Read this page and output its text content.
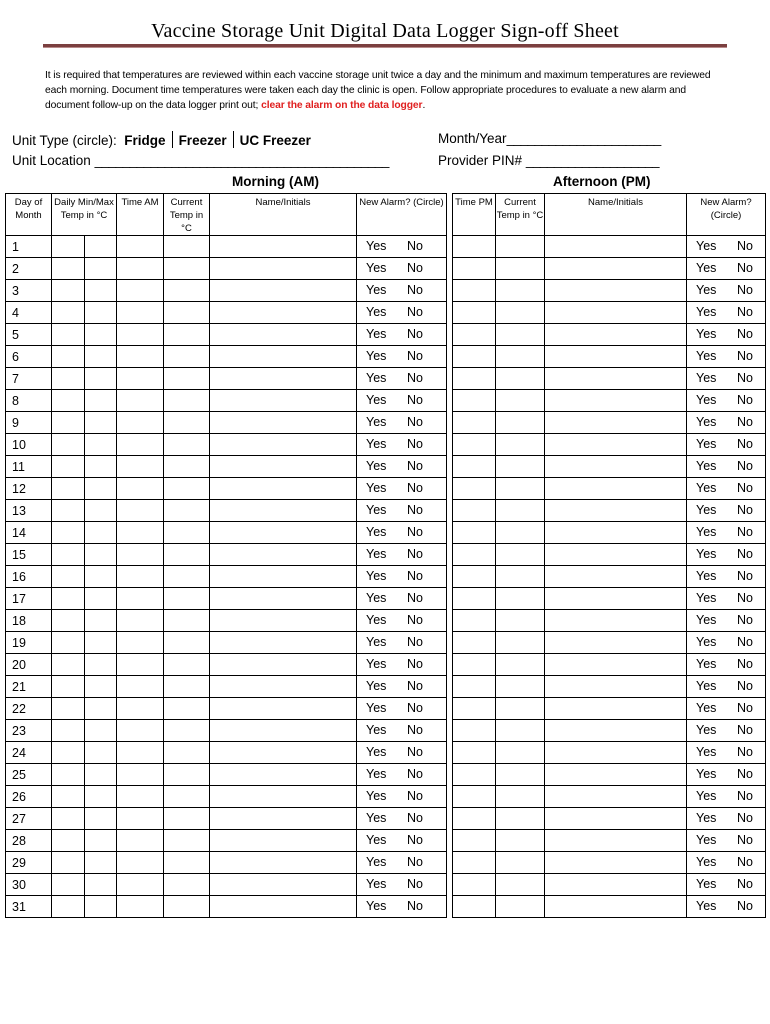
Vaccine Storage Unit Digital Data Logger Sign-off Sheet
It is required that temperatures are reviewed within each vaccine storage unit twice a day and the minimum and maximum temperatures are reviewed each morning. Document time temperatures were taken each day the clinic is open. Follow appropriate procedures to evaluate a new alarm and document follow-up on the data logger print out; clear the alarm on the data logger.
Unit Type (circle): Fridge Freezer UC Freezer
Unit Location __________________________________________
Month/Year______________________
Provider PIN# ___________________
Morning (AM)	Afternoon (PM)
Day of Month	Daily Min/Max Temp in °C		Time AM	Current Temp in °C	Name/Initials	New Alarm? (Circle)		Time PM	Current Temp in °C	Name/Initials	New Alarm? (Circle)
1						Yes No					Yes No

2						Yes No					Yes No

3						Yes No					Yes No

4						Yes No					Yes No

5						Yes No					Yes No

6						Yes No					Yes No

7						Yes No					Yes No

8						Yes No					Yes No

9						Yes No					Yes No

10						Yes No					Yes No

11						Yes No					Yes No

12						Yes No					Yes No

13						Yes No					Yes No

14						Yes No					Yes No

15						Yes No					Yes No

16						Yes No					Yes No

17						Yes No					Yes No

18						Yes No					Yes No

19						Yes No					Yes No

20						Yes No					Yes No

21						Yes No					Yes No

22						Yes No					Yes No

23						Yes No					Yes No

24						Yes No					Yes No

25						Yes No					Yes No

26						Yes No					Yes No

27						Yes No					Yes No

28						Yes No					Yes No

29						Yes No					Yes No

30						Yes No					Yes No

31						Yes No					Yes No
